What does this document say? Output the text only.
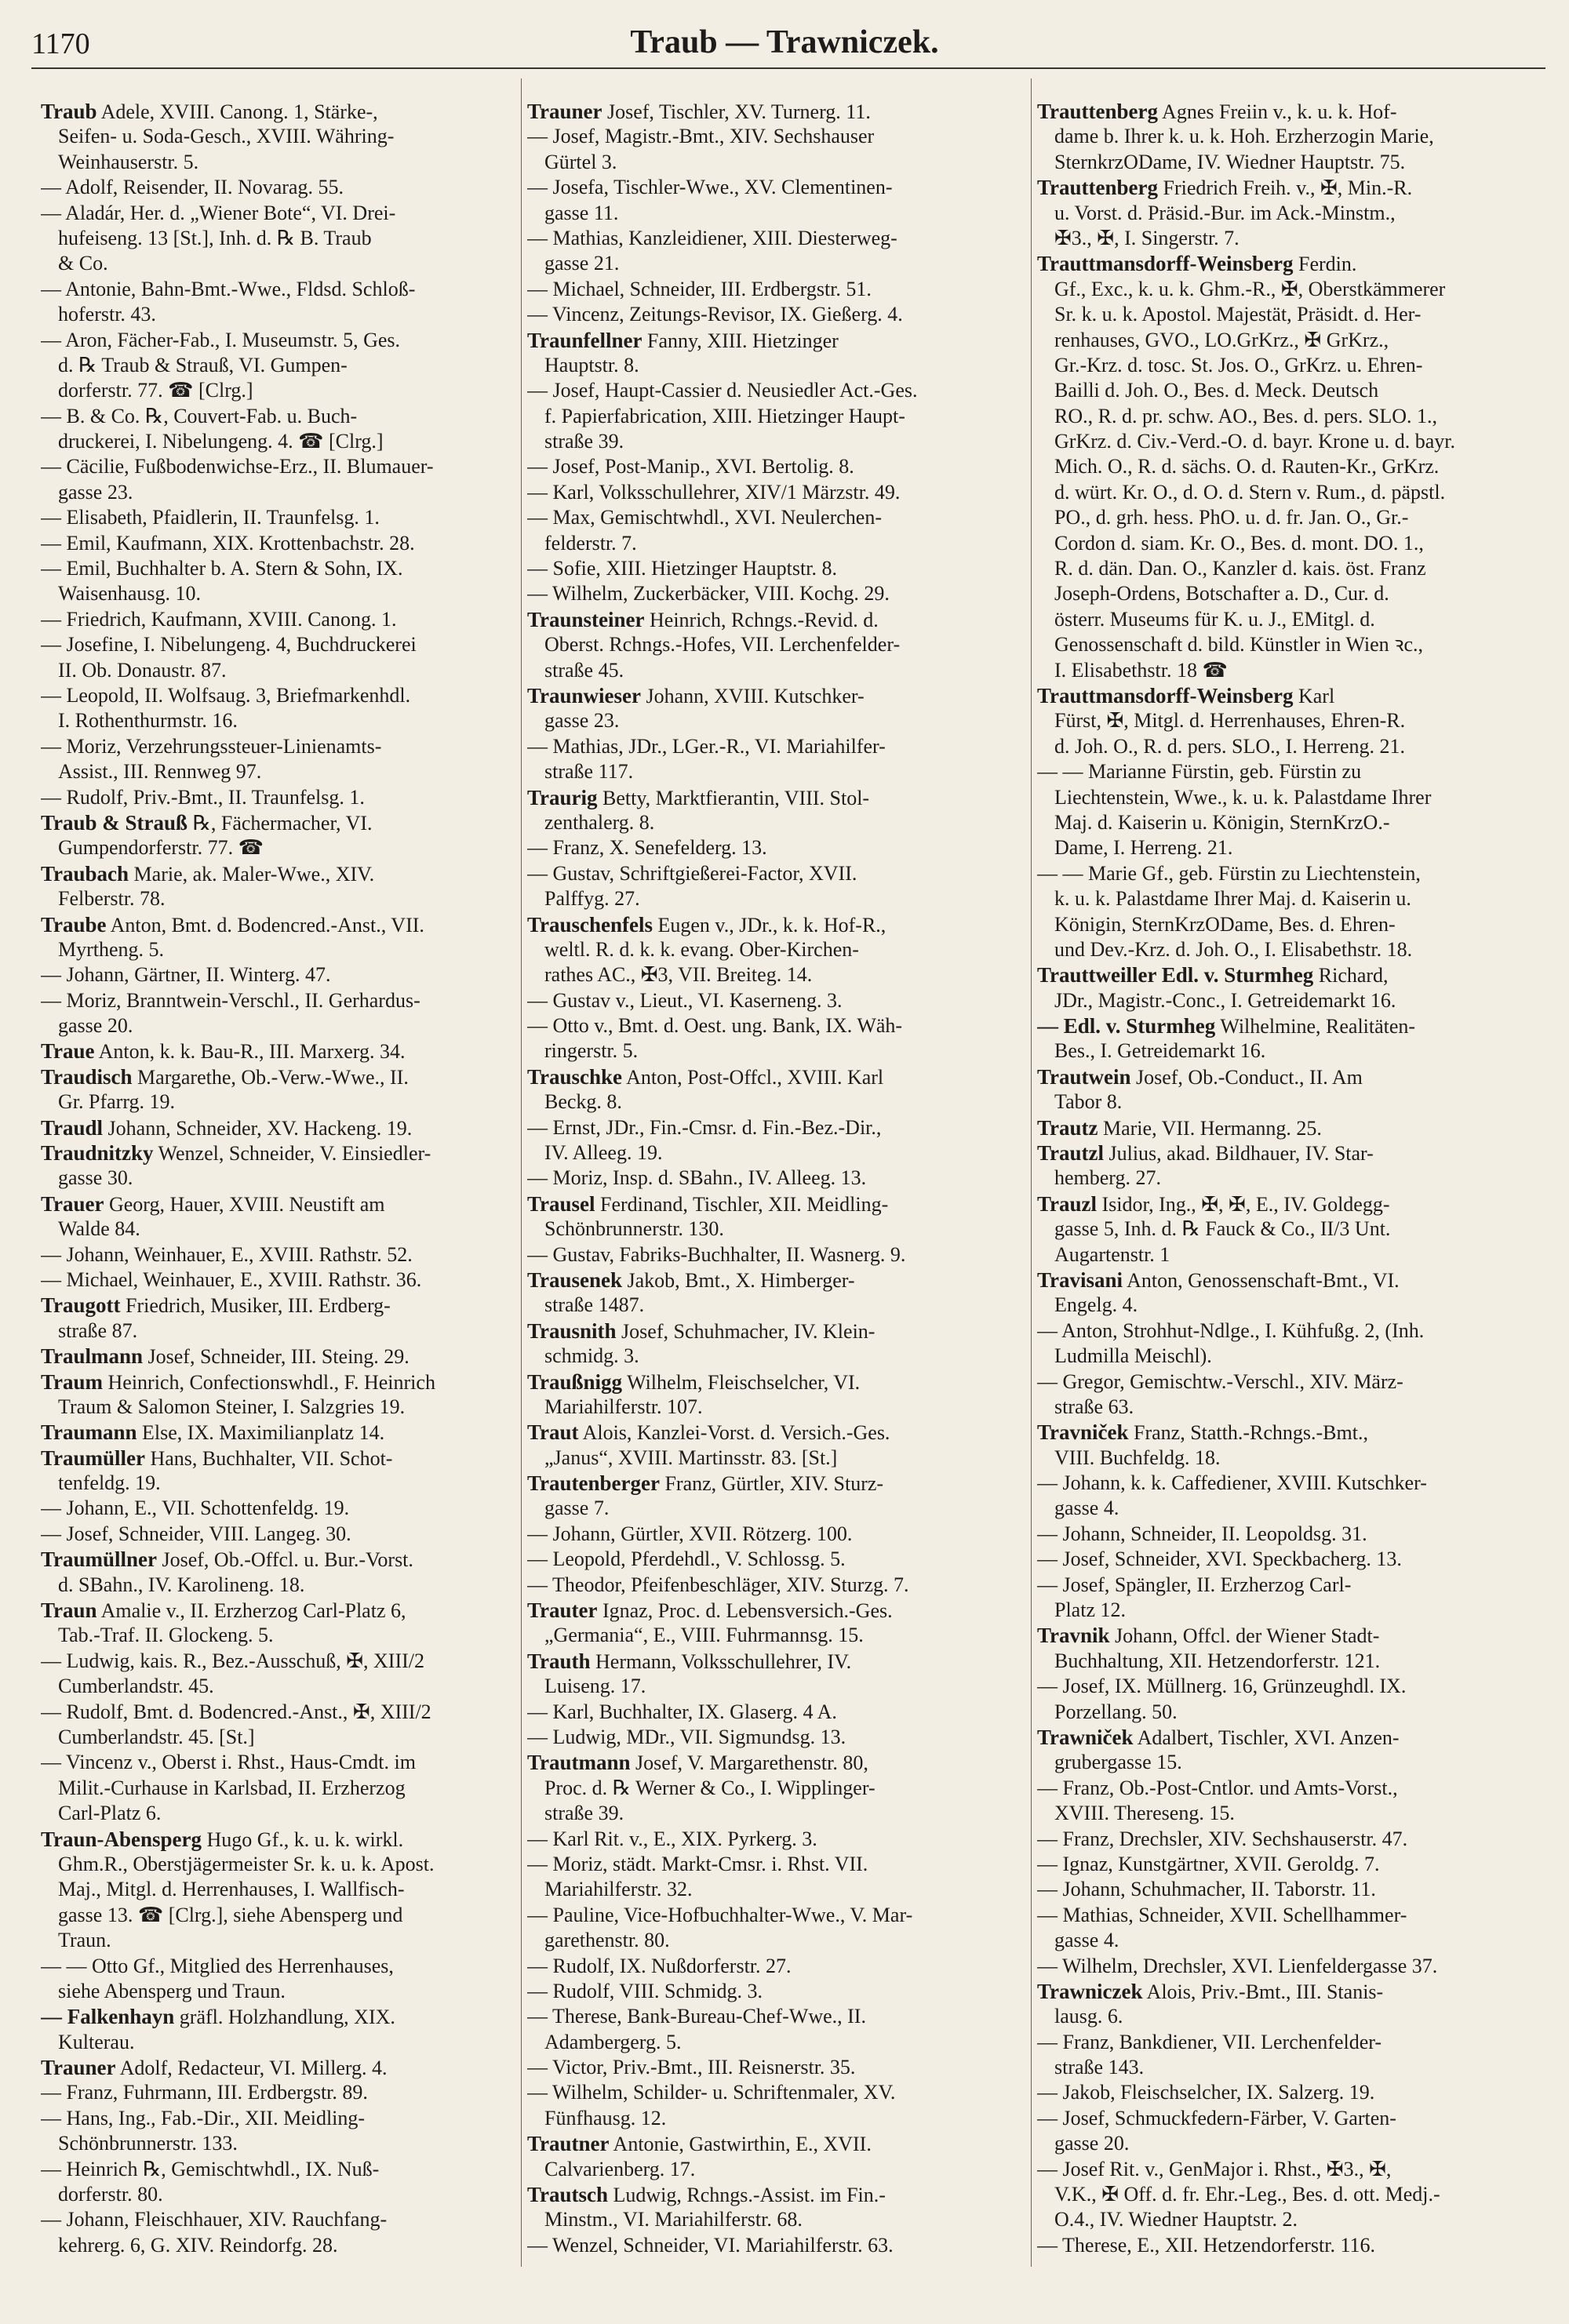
1170	Traub — Trawniczek.
Traub Adele, XVIII. Canong. 1, Stärke-,
Seifen- u. Soda-Gesch., XVIII. Währing-
Weinhauserstr. 5.
— Adolf, Reisender, II. Novarag. 55.
— Aladár, Her. d. „Wiener Bote“, VI. Drei-
hufeiseng. 13 [St.], Inh. d. ℞ B. Traub
& Co.
— Antonie, Bahn-Bmt.-Wwe., Fldsd. Schloß-
hoferstr. 43.
— Aron, Fächer-Fab., I. Museumstr. 5, Ges.
d. ℞ Traub & Strauß, VI. Gumpen-
dorferstr. 77. ☎ [Clrg.]
— B. & Co. ℞, Couvert-Fab. u. Buch-
druckerei, I. Nibelungeng. 4. ☎ [Clrg.]
— Cäcilie, Fußbodenwichse-Erz., II. Blumauer-
gasse 23.
— Elisabeth, Pfaidlerin, II. Traunfelsg. 1.
— Emil, Kaufmann, XIX. Krottenbachstr. 28.
— Emil, Buchhalter b. A. Stern & Sohn, IX.
Waisenhausg. 10.
— Friedrich, Kaufmann, XVIII. Canong. 1.
— Josefine, I. Nibelungeng. 4, Buchdruckerei
II. Ob. Donaustr. 87.
— Leopold, II. Wolfsaug. 3, Briefmarkenhdl.
I. Rothenthurmstr. 16.
— Moriz, Verzehrungssteuer-Linienamts-
Assist., III. Rennweg 97.
— Rudolf, Priv.-Bmt., II. Traunfelsg. 1.
Traub & Strauß ℞, Fächermacher, VI.
Gumpendorferstr. 77. ☎
Traubach Marie, ak. Maler-Wwe., XIV.
Felberstr. 78.
Traube Anton, Bmt. d. Bodencred.-Anst., VII.
Myrtheng. 5.
— Johann, Gärtner, II. Winterg. 47.
— Moriz, Branntwein-Verschl., II. Gerhardus-
gasse 20.
Traue Anton, k. k. Bau-R., III. Marxerg. 34.
Traudisch Margarethe, Ob.-Verw.-Wwe., II.
Gr. Pfarrg. 19.
Traudl Johann, Schneider, XV. Hackeng. 19.
Traudnitzky Wenzel, Schneider, V. Einsiedler-
gasse 30.
Trauer Georg, Hauer, XVIII. Neustift am
Walde 84.
— Johann, Weinhauer, E., XVIII. Rathstr. 52.
— Michael, Weinhauer, E., XVIII. Rathstr. 36.
Traugott Friedrich, Musiker, III. Erdberg-
straße 87.
Traulmann Josef, Schneider, III. Steing. 29.
Traum Heinrich, Confectionswhdl., F. Heinrich
Traum & Salomon Steiner, I. Salzgries 19.
Traumann Else, IX. Maximilianplatz 14.
Traumüller Hans, Buchhalter, VII. Schot-
tenfeldg. 19.
— Johann, E., VII. Schottenfeldg. 19.
— Josef, Schneider, VIII. Langeg. 30.
Traumüllner Josef, Ob.-Offcl. u. Bur.-Vorst.
d. SBahn., IV. Karolineng. 18.
Traun Amalie v., II. Erzherzog Carl-Platz 6,
Tab.-Traf. II. Glockeng. 5.
— Ludwig, kais. R., Bez.-Ausschuß, ✠, XIII/2
Cumberlandstr. 45.
— Rudolf, Bmt. d. Bodencred.-Anst., ✠, XIII/2
Cumberlandstr. 45. [St.]
— Vincenz v., Oberst i. Rhst., Haus-Cmdt. im
Milit.-Curhause in Karlsbad, II. Erzherzog
Carl-Platz 6.
Traun-Abensperg Hugo Gf., k. u. k. wirkl.
Ghm.R., Oberstjägermeister Sr. k. u. k. Apost.
Maj., Mitgl. d. Herrenhauses, I. Wallfisch-
gasse 13. ☎ [Clrg.], siehe Abensperg und
Traun.
— — Otto Gf., Mitglied des Herrenhauses,
siehe Abensperg und Traun.
— Falkenhayn gräfl. Holzhandlung, XIX.
Kulterau.
Trauner Adolf, Redacteur, VI. Millerg. 4.
— Franz, Fuhrmann, III. Erdbergstr. 89.
— Hans, Ing., Fab.-Dir., XII. Meidling-
Schönbrunnerstr. 133.
— Heinrich ℞, Gemischtwhdl., IX. Nuß-
dorferstr. 80.
— Johann, Fleischhauer, XIV. Rauchfang-
kehrerg. 6, G. XIV. Reindorfg. 28.
Trauner Josef, Tischler, XV. Turnerg. 11.
— Josef, Magistr.-Bmt., XIV. Sechshauser
Gürtel 3.
— Josefa, Tischler-Wwe., XV. Clementinen-
gasse 11.
— Mathias, Kanzleidiener, XIII. Diesterweg-
gasse 21.
— Michael, Schneider, III. Erdbergstr. 51.
— Vincenz, Zeitungs-Revisor, IX. Gießerg. 4.
Traunfellner Fanny, XIII. Hietzinger
Hauptstr. 8.
— Josef, Haupt-Cassier d. Neusiedler Act.-Ges.
f. Papierfabrication, XIII. Hietzinger Haupt-
straße 39.
— Josef, Post-Manip., XVI. Bertolig. 8.
— Karl, Volksschullehrer, XIV/1 Märzstr. 49.
— Max, Gemischtwhdl., XVI. Neulerchen-
felderstr. 7.
— Sofie, XIII. Hietzinger Hauptstr. 8.
— Wilhelm, Zuckerbäcker, VIII. Kochg. 29.
Traunsteiner Heinrich, Rchngs.-Revid. d.
Oberst. Rchngs.-Hofes, VII. Lerchenfelder-
straße 45.
Traunwieser Johann, XVIII. Kutschker-
gasse 23.
— Mathias, JDr., LGer.-R., VI. Mariahilfer-
straße 117.
Traurig Betty, Marktfierantin, VIII. Stol-
zenthalerg. 8.
— Franz, X. Senefelderg. 13.
— Gustav, Schriftgießerei-Factor, XVII.
Palffyg. 27.
Trauschenfels Eugen v., JDr., k. k. Hof-R.,
weltl. R. d. k. k. evang. Ober-Kirchen-
rathes AC., ✠3, VII. Breiteg. 14.
— Gustav v., Lieut., VI. Kaserneng. 3.
— Otto v., Bmt. d. Oest. ung. Bank, IX. Wäh-
ringerstr. 5.
Trauschke Anton, Post-Offcl., XVIII. Karl
Beckg. 8.
— Ernst, JDr., Fin.-Cmsr. d. Fin.-Bez.-Dir.,
IV. Alleeg. 19.
— Moriz, Insp. d. SBahn., IV. Alleeg. 13.
Trausel Ferdinand, Tischler, XII. Meidling-
Schönbrunnerstr. 130.
— Gustav, Fabriks-Buchhalter, II. Wasnerg. 9.
Trausenek Jakob, Bmt., X. Himberger-
straße 1487.
Trausnith Josef, Schuhmacher, IV. Klein-
schmidg. 3.
Traußnigg Wilhelm, Fleischselcher, VI.
Mariahilferstr. 107.
Traut Alois, Kanzlei-Vorst. d. Versich.-Ges.
„Janus“, XVIII. Martinsstr. 83. [St.]
Trautenberger Franz, Gürtler, XIV. Sturz-
gasse 7.
— Johann, Gürtler, XVII. Rötzerg. 100.
— Leopold, Pferdehdl., V. Schlossg. 5.
— Theodor, Pfeifenbeschläger, XIV. Sturzg. 7.
Trauter Ignaz, Proc. d. Lebensversich.-Ges.
„Germania“, E., VIII. Fuhrmannsg. 15.
Trauth Hermann, Volksschullehrer, IV.
Luiseng. 17.
— Karl, Buchhalter, IX. Glaserg. 4 A.
— Ludwig, MDr., VII. Sigmundsg. 13.
Trautmann Josef, V. Margarethenstr. 80,
Proc. d. ℞ Werner & Co., I. Wipplinger-
straße 39.
— Karl Rit. v., E., XIX. Pyrkerg. 3.
— Moriz, städt. Markt-Cmsr. i. Rhst. VII.
Mariahilferstr. 32.
— Pauline, Vice-Hofbuchhalter-Wwe., V. Mar-
garethenstr. 80.
— Rudolf, IX. Nußdorferstr. 27.
— Rudolf, VIII. Schmidg. 3.
— Therese, Bank-Bureau-Chef-Wwe., II.
Adambergerg. 5.
— Victor, Priv.-Bmt., III. Reisnerstr. 35.
— Wilhelm, Schilder- u. Schriftenmaler, XV.
Fünfhausg. 12.
Trautner Antonie, Gastwirthin, E., XVII.
Calvarienberg. 17.
Trautsch Ludwig, Rchngs.-Assist. im Fin.-
Minstm., VI. Mariahilferstr. 68.
— Wenzel, Schneider, VI. Mariahilferstr. 63.
Trauttenberg Agnes Freiin v., k. u. k. Hof-
dame b. Ihrer k. u. k. Hoh. Erzherzogin Marie,
SternkrzODame, IV. Wiedner Hauptstr. 75.
Trauttenberg Friedrich Freih. v., ✠, Min.-R.
u. Vorst. d. Präsid.-Bur. im Ack.-Minstm.,
✠3., ✠, I. Singerstr. 7.
Trauttmansdorff-Weinsberg Ferdin.
Gf., Exc., k. u. k. Ghm.-R., ✠, Oberstkämmerer
Sr. k. u. k. Apostol. Majestät, Präsidt. d. Her-
renhauses, GVO., LO.GrKrz., ✠ GrKrz.,
Gr.-Krz. d. tosc. St. Jos. O., GrKrz. u. Ehren-
Bailli d. Joh. O., Bes. d. Meck. Deutsch
RO., R. d. pr. schw. AO., Bes. d. pers. SLO. 1.,
GrKrz. d. Civ.-Verd.-O. d. bayr. Krone u. d. bayr.
Mich. O., R. d. sächs. O. d. Rauten-Kr., GrKrz.
d. würt. Kr. O., d. O. d. Stern v. Rum., d. päpstl.
PO., d. grh. hess. PhO. u. d. fr. Jan. O., Gr.-
Cordon d. siam. Kr. O., Bes. d. mont. DO. 1.,
R. d. dän. Dan. O., Kanzler d. kais. öst. Franz
Joseph-Ordens, Botschafter a. D., Cur. d.
österr. Museums für K. u. J., EMitgl. d.
Genossenschaft d. bild. Künstler in Wien ꝛc.,
I. Elisabethstr. 18 ☎
Trauttmansdorff-Weinsberg Karl
Fürst, ✠, Mitgl. d. Herrenhauses, Ehren-R.
d. Joh. O., R. d. pers. SLO., I. Herreng. 21.
— — Marianne Fürstin, geb. Fürstin zu
Liechtenstein, Wwe., k. u. k. Palastdame Ihrer
Maj. d. Kaiserin u. Königin, SternKrzO.-
Dame, I. Herreng. 21.
— — Marie Gf., geb. Fürstin zu Liechtenstein,
k. u. k. Palastdame Ihrer Maj. d. Kaiserin u.
Königin, SternKrzODame, Bes. d. Ehren-
und Dev.-Krz. d. Joh. O., I. Elisabethstr. 18.
Trauttweiller Edl. v. Sturmheg Richard,
JDr., Magistr.-Conc., I. Getreidemarkt 16.
— Edl. v. Sturmheg Wilhelmine, Realitäten-
Bes., I. Getreidemarkt 16.
Trautwein Josef, Ob.-Conduct., II. Am
Tabor 8.
Trautz Marie, VII. Hermanng. 25.
Trautzl Julius, akad. Bildhauer, IV. Star-
hemberg. 27.
Trauzl Isidor, Ing., ✠, ✠, E., IV. Goldegg-
gasse 5, Inh. d. ℞ Fauck & Co., II/3 Unt.
Augartenstr. 1
Travisani Anton, Genossenschaft-Bmt., VI.
Engelg. 4.
— Anton, Strohhut-Ndlge., I. Kühfußg. 2, (Inh.
Ludmilla Meischl).
— Gregor, Gemischtw.-Verschl., XIV. März-
straße 63.
Travniček Franz, Statth.-Rchngs.-Bmt.,
VIII. Buchfeldg. 18.
— Johann, k. k. Caffediener, XVIII. Kutschker-
gasse 4.
— Johann, Schneider, II. Leopoldsg. 31.
— Josef, Schneider, XVI. Speckbacherg. 13.
— Josef, Spängler, II. Erzherzog Carl-
Platz 12.
Travnik Johann, Offcl. der Wiener Stadt-
Buchhaltung, XII. Hetzendorferstr. 121.
— Josef, IX. Müllnerg. 16, Grünzeughdl. IX.
Porzellang. 50.
Trawniček Adalbert, Tischler, XVI. Anzen-
grubergasse 15.
— Franz, Ob.-Post-Cntlor. und Amts-Vorst.,
XVIII. Thereseng. 15.
— Franz, Drechsler, XIV. Sechshauserstr. 47.
— Ignaz, Kunstgärtner, XVII. Geroldg. 7.
— Johann, Schuhmacher, II. Taborstr. 11.
— Mathias, Schneider, XVII. Schellhammer-
gasse 4.
— Wilhelm, Drechsler, XVI. Lienfeldergasse 37.
Trawniczek Alois, Priv.-Bmt., III. Stanis-
lausg. 6.
— Franz, Bankdiener, VII. Lerchenfelder-
straße 143.
— Jakob, Fleischselcher, IX. Salzerg. 19.
— Josef, Schmuckfedern-Färber, V. Garten-
gasse 20.
— Josef Rit. v., GenMajor i. Rhst., ✠3., ✠,
V.K., ✠ Off. d. fr. Ehr.-Leg., Bes. d. ott. Medj.-
O.4., IV. Wiedner Hauptstr. 2.
— Therese, E., XII. Hetzendorferstr. 116.
